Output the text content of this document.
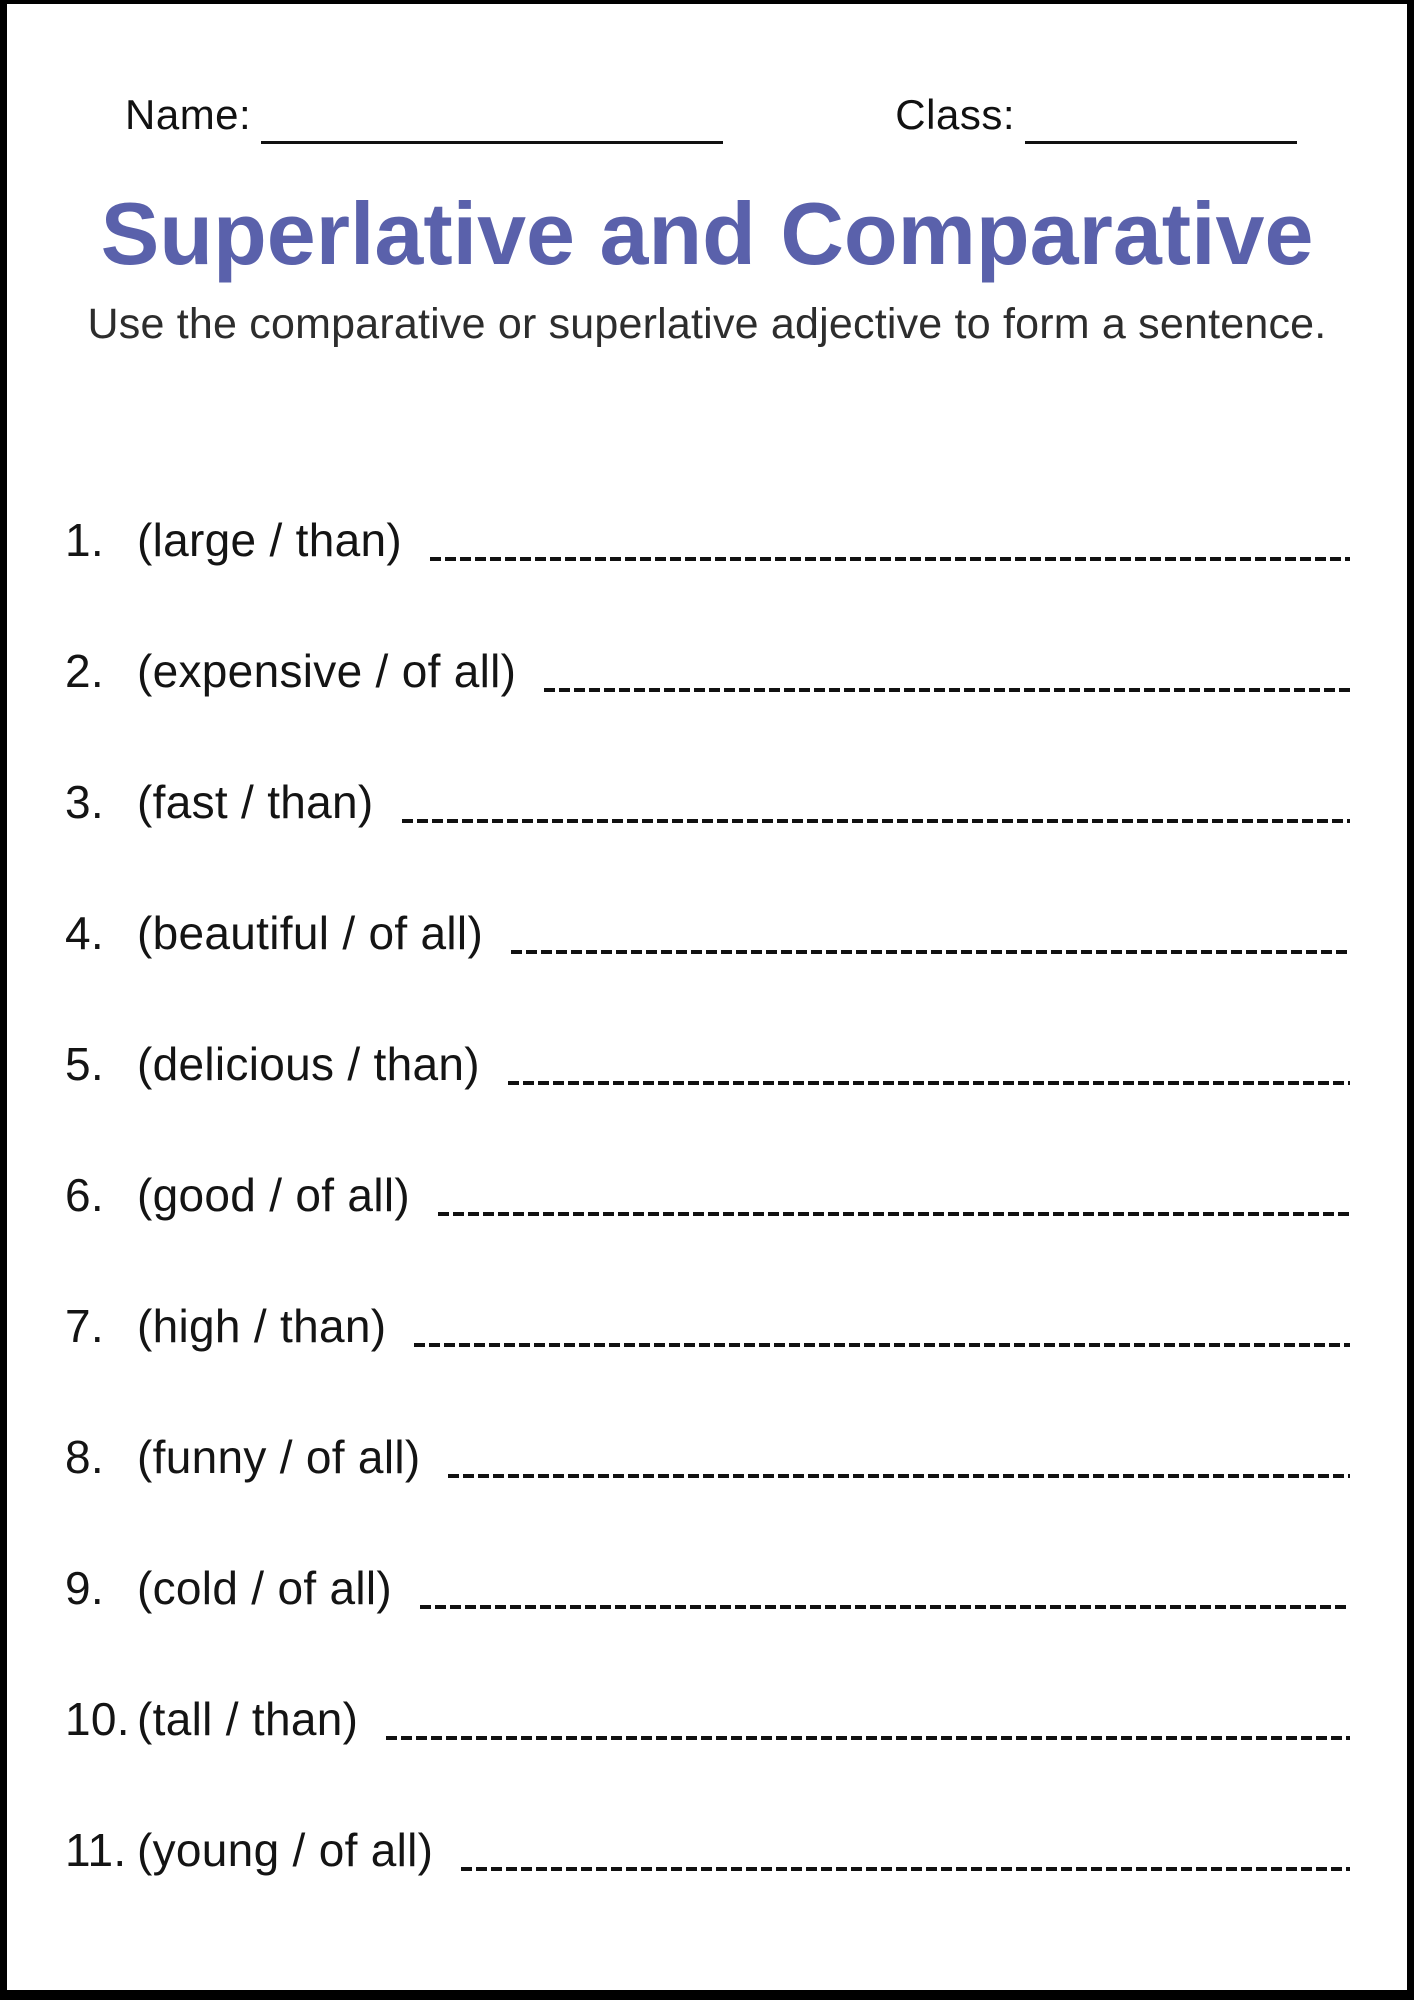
Name:	Class:
Superlative and Comparative

Use the comparative or superlative adjective to form a sentence.

1. (large / than)
2. (expensive / of all)
3. (fast / than)
4. (beautiful / of all)
5. (delicious / than)
6. (good / of all)
7. (high / than)
8. (funny / of all)
9. (cold / of all)
10. (tall / than)
11. (young / of all)
